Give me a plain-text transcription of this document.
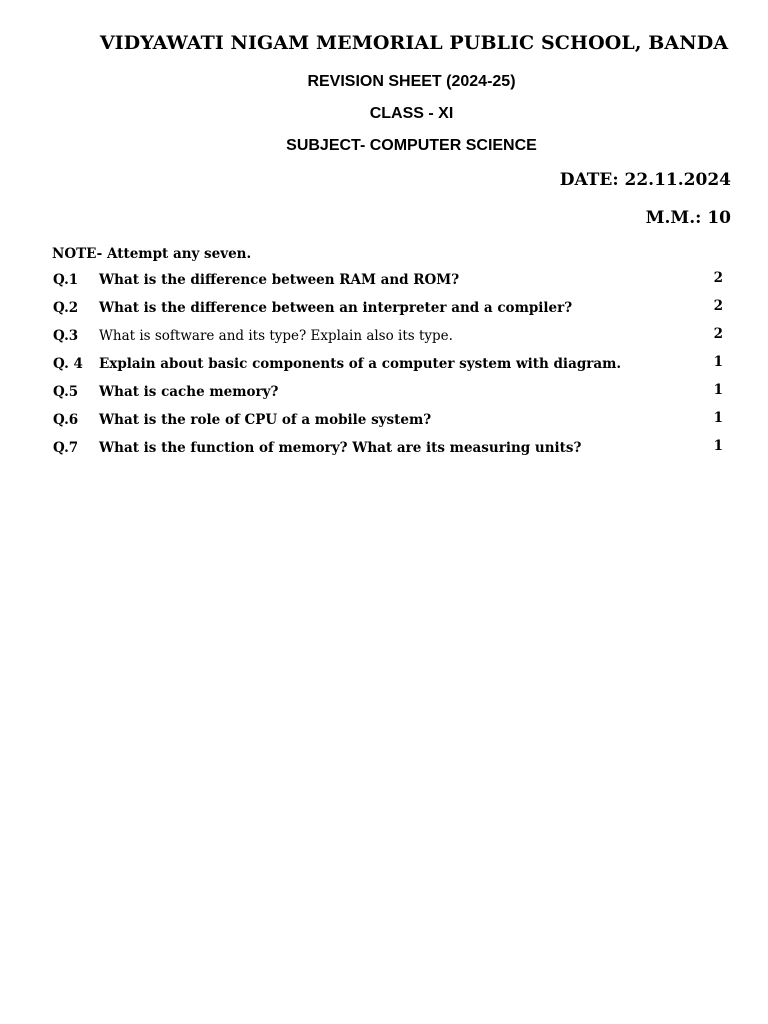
VIDYAWATI NIGAM MEMORIAL PUBLIC SCHOOL, BANDA
REVISION SHEET (2024-25)
CLASS - XI
SUBJECT- COMPUTER SCIENCE
DATE: 22.11.2024
M.M.: 10
NOTE- Attempt any seven.
Q.1 What is the difference between RAM and ROM?	2
Q.2 What is the difference between an interpreter and a compiler?	2
Q.3 What is software and its type? Explain also its type.	2
Q. 4 Explain about basic components of a computer system with diagram.	1
Q.5 What is cache memory?	1
Q.6 What is the role of CPU of a mobile system?	1
Q.7 What is the function of memory? What are its measuring units?	1
